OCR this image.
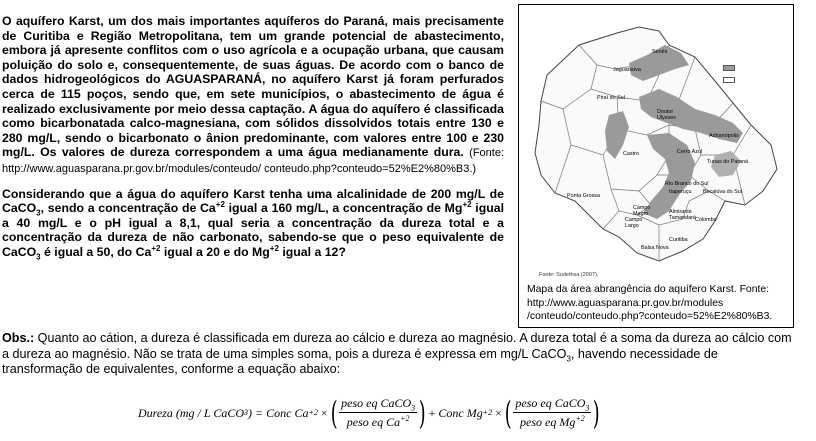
O aquífero Karst, um dos mais importantes aquíferos do Paraná, mais precisamente de Curitiba e Região Metropolitana, tem um grande potencial de abastecimento, embora já apresente conflitos com o uso agrícola e a ocupação urbana, que causam poluição do solo e, consequentemente, de suas águas. De acordo com o banco de dados hidrogeológicos do AGUASPARANÁ, no aquífero Karst já foram perfurados cerca de 115 poços, sendo que, em sete municípios, o abastecimento de água é realizado exclusivamente por meio dessa captação. A água do aquífero é classificada como bicarbonatada calco-magnesiana, com sólidos dissolvidos totais entre 130 e 280 mg/L, sendo o bicarbonato o ânion predominante, com valores entre 100 e 230 mg/L. Os valores de dureza correspondem a uma água medianamente dura. (Fonte: http://www.aguasparana.pr.gov.br/modules/conteudo/ conteudo.php?conteudo=52%E2%80%B3.)

Considerando que a água do aquífero Karst tenha uma alcalinidade de 200 mg/L de CaCO$_3$, sendo a concentração de $Ca^{+2}$ igual a 160 mg/L, a concentração de $Mg^{+2}$ igual a 40 mg/L e o pH igual a 8,1, qual seria a concentração da dureza total e a concentração da dureza de não carbonato, sabendo-se que o peso equivalente de CaCO$_3$ é igual a 50, do $Ca^{+2}$ igual a 20 e do $Mg^{+2}$ igual a 12?

Senés
Jaguariaíva
Piraí do Sul
Doutor Ulysses
Adrianópolis
Cerro Azul
Castro
Tunas do Paraná
Ponta Grossa
Rio Branco do Sul
Itaperuçu Bocaiúva do Sul
Almirante Tamandaré
Campo Magro
Colombo
Campo Largo
Curitiba
Balsa Nova
Fonte: Sudethsa (2007).
Mapa da área abrangência do aquífero Karst. Fonte: http://www.aguasparana.pr.gov.br/modules /conteudo/conteudo.php?conteudo=52%E2%80%B3.

Obs.: Quanto ao cátion, a dureza é classificada em dureza ao cálcio e dureza ao magnésio. A dureza total é a soma da dureza ao cálcio com a dureza ao magnésio. Não se trata de uma simples soma, pois a dureza é expressa em mg/L CaCO$_3$, havendo necessidade de transformação de equivalentes, conforme a equação abaixo:

Dureza (mg / L CaCO 3 ) = Conc Ca +2 × ( $\frac{peso eq CaCO_3}{peso eq Ca^{+2}}$ ) + Conc Mg +2 × ( $\frac{peso eq CaCO_3}{peso eq Mg^{+2}}$ )
